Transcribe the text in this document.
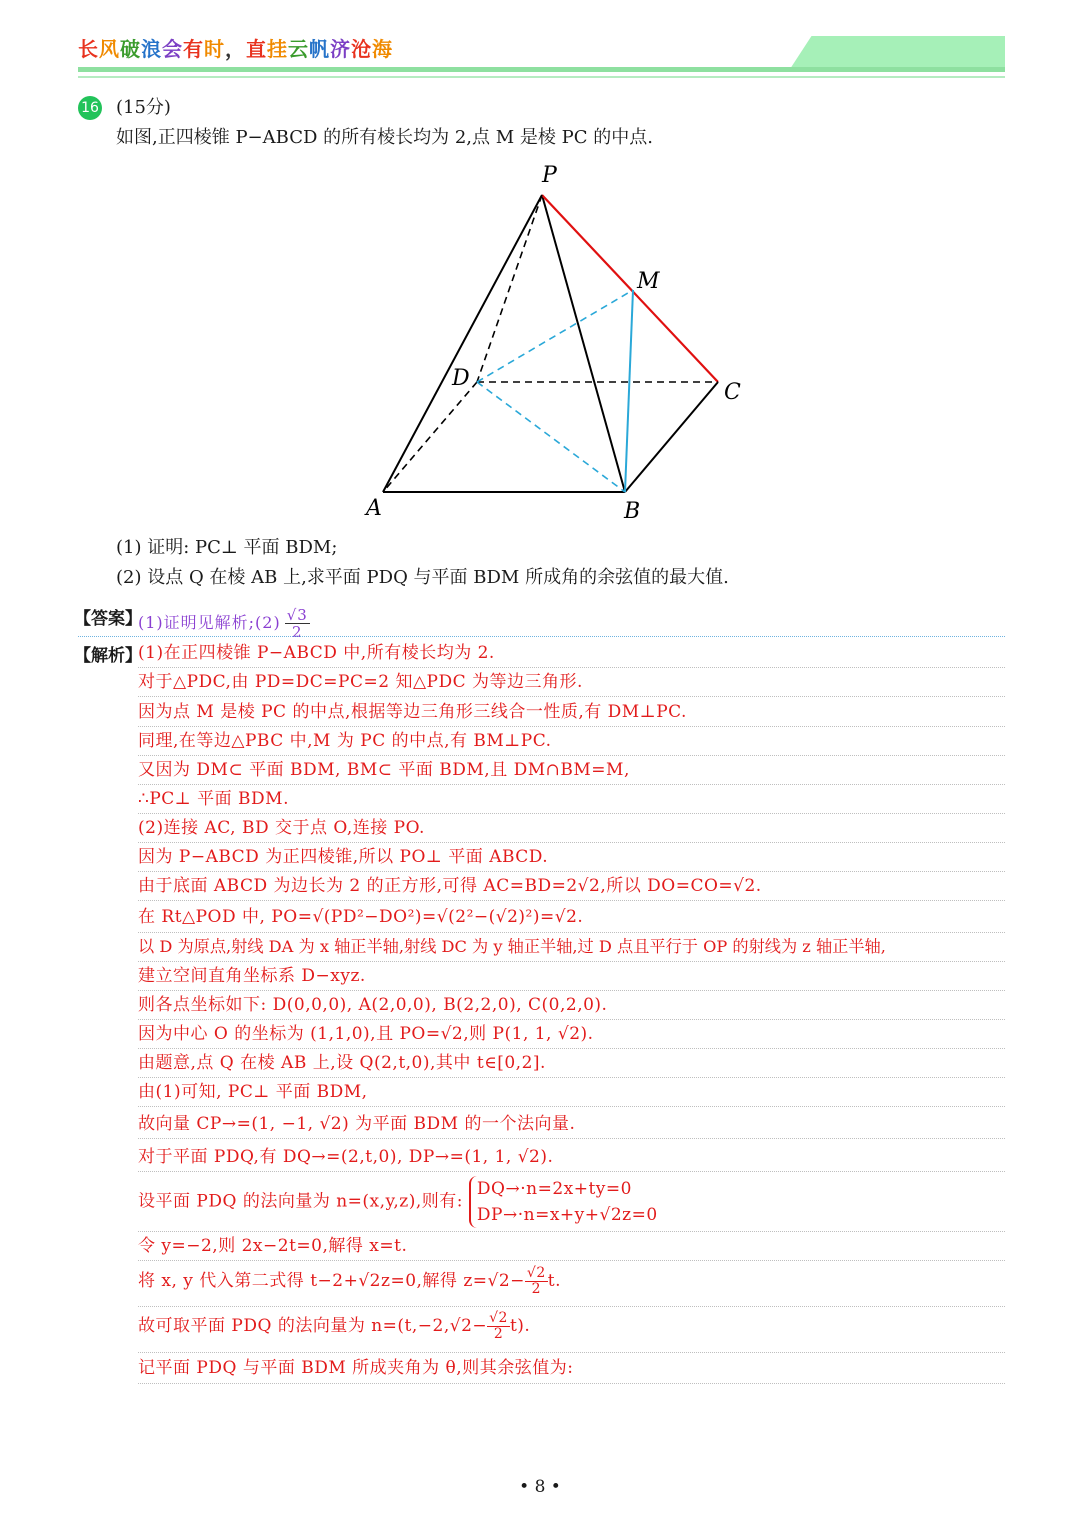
长风破浪会有时，直挂云帆济沧海
16 (15分)
如图,正四棱锥 P−ABCD 的所有棱长均为 2,点 M 是棱 PC 的中点.
P
M
D
C
A	B
(1) 证明: PC⊥ 平面 BDM;
(2) 设点 Q 在棱 AB 上,求平面 PDQ 与平面 BDM 所成角的余弦值的最大值.
【答案】
(1)证明见解析;(2) $\frac{√3}{2}$
【解析】
(1)在正四棱锥 P−ABCD 中,所有棱长均为 2.
对于△PDC,由 PD=DC=PC=2 知△PDC 为等边三角形.
因为点 M 是棱 PC 的中点,根据等边三角形三线合一性质,有 DM⊥PC.
同理,在等边△PBC 中,M 为 PC 的中点,有 BM⊥PC.
又因为 DM⊂ 平面 BDM, BM⊂ 平面 BDM,且 DM∩BM=M,
∴PC⊥ 平面 BDM.
(2)连接 AC, BD 交于点 O,连接 PO.
因为 P−ABCD 为正四棱锥,所以 PO⊥ 平面 ABCD.
由于底面 ABCD 为边长为 2 的正方形,可得 AC=BD=2√2,所以 DO=CO=√2.
在 Rt△POD 中, PO=√(PD²−DO²)=√(2²−(√2)²)=√2.
以 D 为原点,射线 DA 为 x 轴正半轴,射线 DC 为 y 轴正半轴,过 D 点且平行于 OP 的射线为 z 轴正半轴,
建立空间直角坐标系 D−xyz.
则各点坐标如下: D(0,0,0), A(2,0,0), B(2,2,0), C(0,2,0).
因为中心 O 的坐标为 (1,1,0),且 PO=√2,则 P(1, 1, √2).
由题意,点 Q 在棱 AB 上,设 Q(2,t,0),其中 t∈[0,2].
由(1)可知, PC⊥ 平面 BDM,
故向量 CP→=(1, −1, √2) 为平面 BDM 的一个法向量.
对于平面 PDQ,有 DQ→=(2,t,0), DP→=(1, 1, √2).
设平面 PDQ 的法向量为 n=(x,y,z),则有:
DQ→·n=2x+ty=0
DP→·n=x+y+√2z=0
令 y=−2,则 2x−2t=0,解得 x=t.
将 x, y 代入第二式得 t−2+√2z=0,解得 $z=√2- \frac{√2}{2} t$.
故可取平面 PDQ 的法向量为 $n=(t,-2,√2- \frac{√2}{2} t)$.
记平面 PDQ 与平面 BDM 所成夹角为 θ,则其余弦值为:
• 8 •
